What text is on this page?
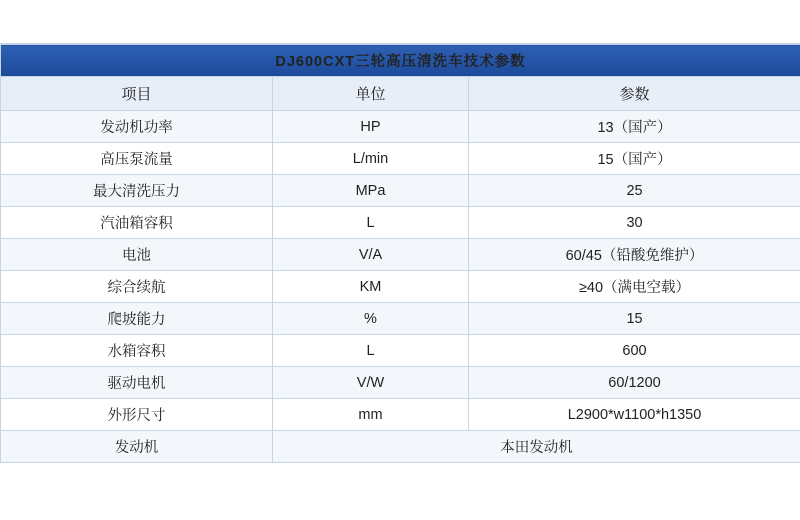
DJ600CXT三轮高压清洗车技术参数		
项目	单位	参数
发动机功率	HP	13（国产）
高压泵流量	L/min	15（国产）
最大清洗压力	MPa	25
汽油箱容积	L	30
电池	V/A	60/45（铅酸免维护）
综合续航	KM	≥40（满电空载）
爬坡能力	%	15
水箱容积	L	600
驱动电机	V/W	60/1200
外形尺寸	mm	L2900*w1100*h1350
发动机	本田发动机	
